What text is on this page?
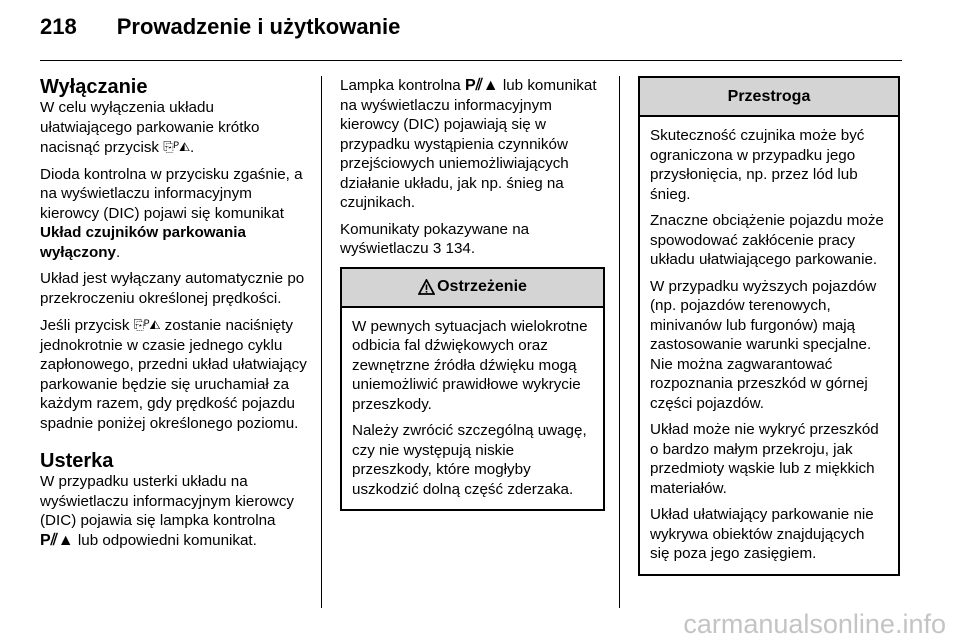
218 Prowadzenie i użytkowanie
Wyłączanie

W celu wyłączenia układu ułatwiającego parkowanie krótko nacisnąć przycisk ⎘ᴾ◭.

Dioda kontrolna w przycisku zgaśnie, a na wyświetlaczu informacyjnym kierowcy (DIC) pojawi się komunikat Układ czujników parkowania wyłączony.

Układ jest wyłączany automatycznie po przekroczeniu określonej prędkości.

Jeśli przycisk ⎘ᴾ◭ zostanie naciśnięty jednokrotnie w czasie jednego cyklu zapłonowego, przedni układ ułatwiający parkowanie będzie się uruchamiał za każdym razem, gdy prędkość pojazdu spadnie poniżej określonego poziomu.

Usterka

W przypadku usterki układu na wyświetlaczu informacyjnym kierowcy (DIC) pojawia się lampka kontrolna P⫽▲ lub odpowiedni komunikat.

Lampka kontrolna P⫽▲ lub komunikat na wyświetlaczu informacyjnym kierowcy (DIC) pojawiają się w przypadku wystąpienia czynników przejściowych uniemożliwiających działanie układu, jak np. śnieg na czujnikach.

Komunikaty pokazywane na wyświetlaczu 3 134.

Ostrzeżenie

W pewnych sytuacjach wielokrotne odbicia fal dźwiękowych oraz zewnętrzne źródła dźwięku mogą uniemożliwić prawidłowe wykrycie przeszkody.

Należy zwrócić szczególną uwagę, czy nie występują niskie przeszkody, które mogłyby uszkodzić dolną część zderzaka.

Przestroga

Skuteczność czujnika może być ograniczona w przypadku jego przysłonięcia, np. przez lód lub śnieg.

Znaczne obciążenie pojazdu może spowodować zakłócenie pracy układu ułatwiającego parkowanie.

W przypadku wyższych pojazdów (np. pojazdów terenowych, minivanów lub furgonów) mają zastosowanie warunki specjalne. Nie można zagwarantować rozpoznania przeszkód w górnej części pojazdów.

Układ może nie wykryć przeszkód o bardzo małym przekroju, jak przedmioty wąskie lub z miękkich materiałów.

Układ ułatwiający parkowanie nie wykrywa obiektów znajdujących się poza jego zasięgiem.

carmanualsonline.info
